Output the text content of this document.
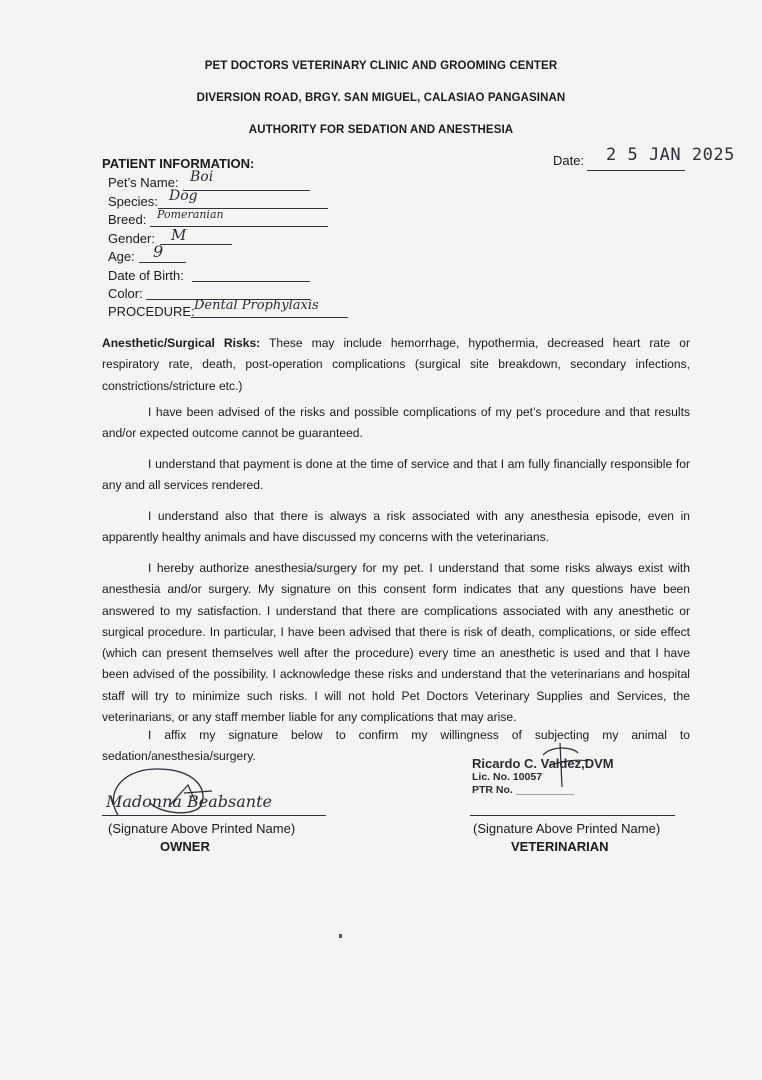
PET DOCTORS VETERINARY CLINIC AND GROOMING CENTER
DIVERSION ROAD, BRGY. SAN MIGUEL, CALASIAO PANGASINAN
AUTHORITY FOR SEDATION AND ANESTHESIA
Date: 2 5 JAN 2025
PATIENT INFORMATION:
Pet’s Name: Boi
Species: Dog
Breed: Pomeranian
Gender: M
Age: 9
Date of Birth:
Color:
PROCEDURE: Dental Prophylaxis
Anesthetic/Surgical Risks: These may include hemorrhage, hypothermia, decreased heart rate or respiratory rate, death, post-operation complications (surgical site breakdown, secondary infections, constrictions/stricture etc.)
I have been advised of the risks and possible complications of my pet’s procedure and that results and/or expected outcome cannot be guaranteed.
I understand that payment is done at the time of service and that I am fully financially responsible for any and all services rendered.
I understand also that there is always a risk associated with any anesthesia episode, even in apparently healthy animals and have discussed my concerns with the veterinarians.
I hereby authorize anesthesia/surgery for my pet. I understand that some risks always exist with anesthesia and/or surgery. My signature on this consent form indicates that any questions have been answered to my satisfaction. I understand that there are complications associated with any anesthetic or surgical procedure. In particular, I have been advised that there is risk of death, complications, or side effect (which can present themselves well after the procedure) every time an anesthetic is used and that I have been advised of the possibility. I acknowledge these risks and understand that the veterinarians and hospital staff will try to minimize such risks. I will not hold Pet Doctors Veterinary Supplies and Services, the veterinarians, or any staff member liable for any complications that may arise.
I affix my signature below to confirm my willingness of subjecting my animal to sedation/anesthesia/surgery.
Madonna Beabsante
(Signature Above Printed Name)
OWNER
Ricardo C. Valdez,DVM
Lic. No. 10057
PTR No. __________
(Signature Above Printed Name)
VETERINARIAN
